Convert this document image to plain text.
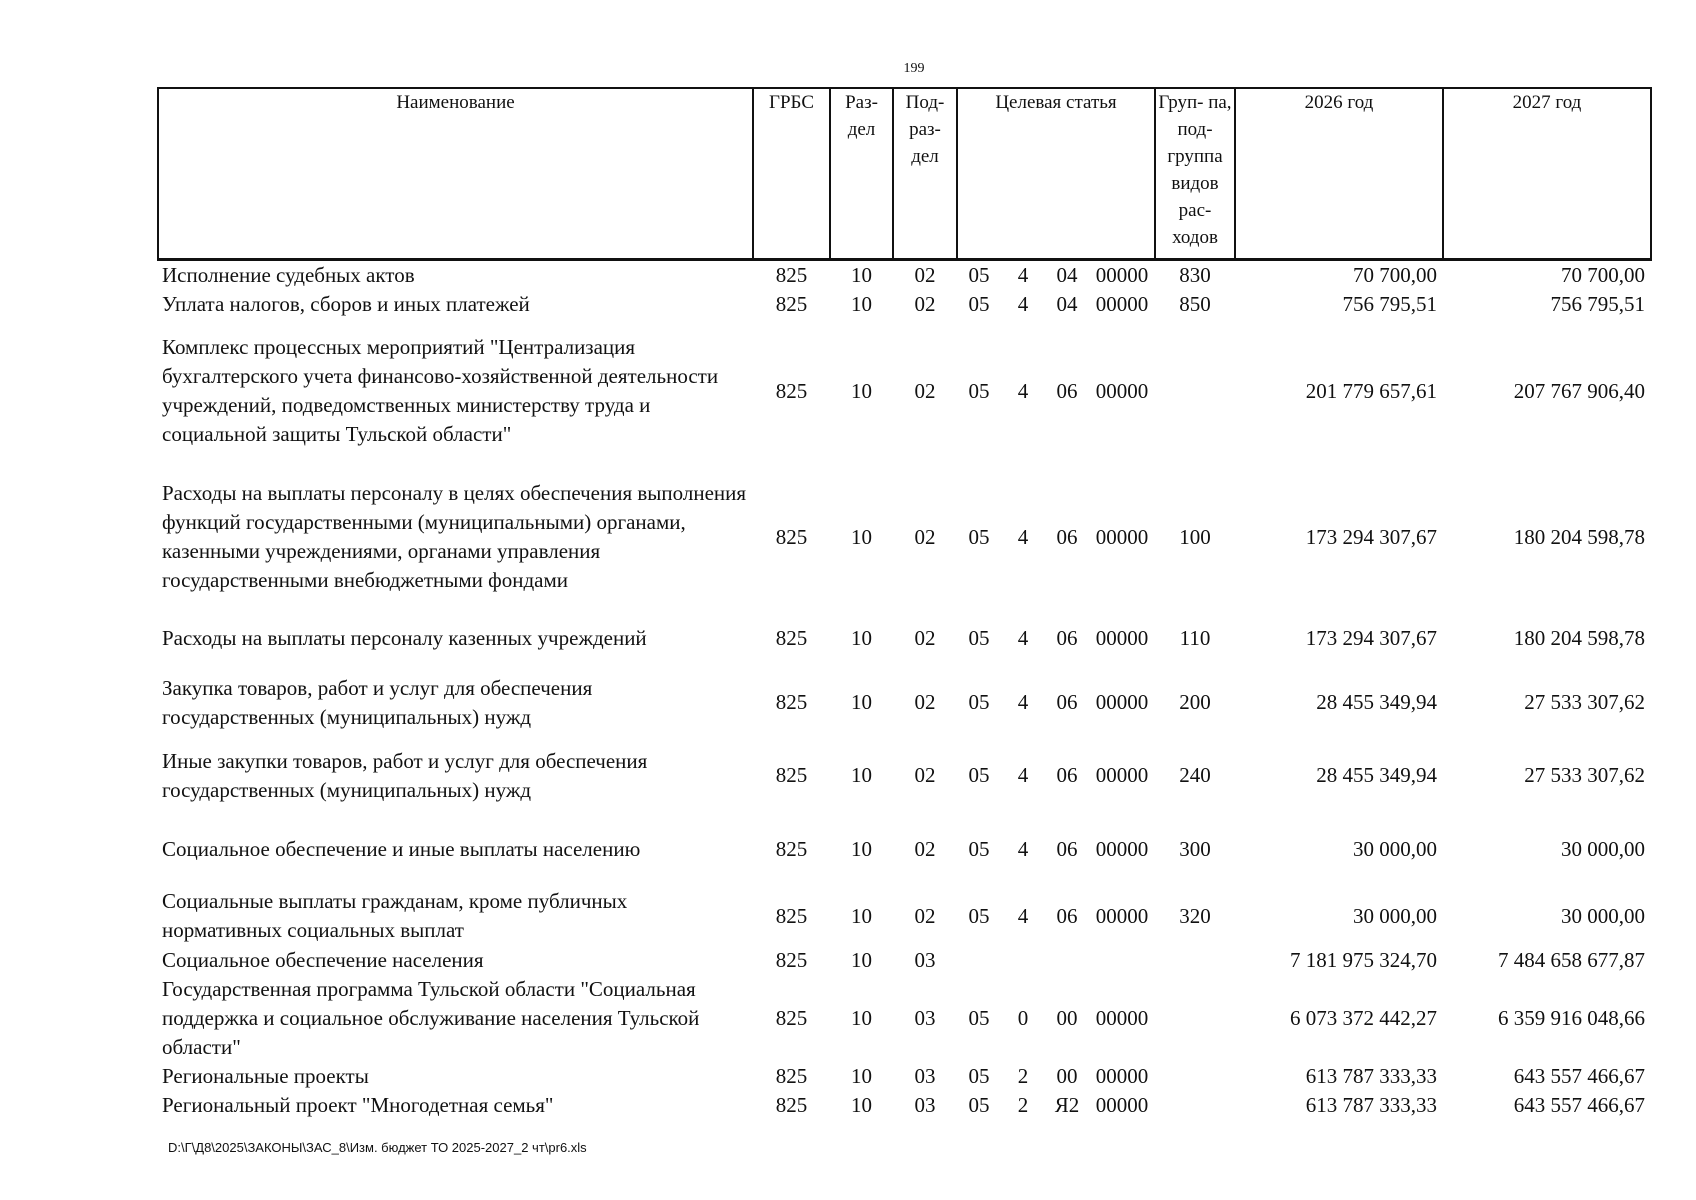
199
Наименование	ГРБС	Раз- дел	Под- раз- дел	Целевая статья				Груп- па, под- группа видов рас- ходов	2026 год	2027 год
Исполнение судебных актов	825	10	02	05	4	04	00000	830	70 700,00	70 700,00
Уплата налогов, сборов и иных платежей	825	10	02	05	4	04	00000	850	756 795,51	756 795,51
Комплекс процессных мероприятий "Централизация бухгалтерского учета финансово-хозяйственной деятельности учреждений, подведомственных министерству труда и социальной защиты Тульской области"	825	10	02	05	4	06	00000		201 779 657,61	207 767 906,40
Расходы на выплаты персоналу в целях обеспечения выполнения функций государственными (муниципальными) органами, казенными учреждениями, органами управления государственными внебюджетными фондами	825	10	02	05	4	06	00000	100	173 294 307,67	180 204 598,78
Расходы на выплаты персоналу казенных учреждений	825	10	02	05	4	06	00000	110	173 294 307,67	180 204 598,78
Закупка товаров, работ и услуг для обеспечения государственных (муниципальных) нужд	825	10	02	05	4	06	00000	200	28 455 349,94	27 533 307,62
Иные закупки товаров, работ и услуг для обеспечения государственных (муниципальных) нужд	825	10	02	05	4	06	00000	240	28 455 349,94	27 533 307,62
Социальное обеспечение и иные выплаты населению	825	10	02	05	4	06	00000	300	30 000,00	30 000,00
Социальные выплаты гражданам, кроме публичных нормативных социальных выплат	825	10	02	05	4	06	00000	320	30 000,00	30 000,00
Социальное обеспечение населения	825	10	03						7 181 975 324,70	7 484 658 677,87
Государственная программа Тульской области "Социальная поддержка и социальное обслуживание населения Тульской области"	825	10	03	05	0	00	00000		6 073 372 442,27	6 359 916 048,66
Региональные проекты	825	10	03	05	2	00	00000		613 787 333,33	643 557 466,67
Региональный проект "Многодетная семья"	825	10	03	05	2	Я2	00000		613 787 333,33	643 557 466,67
D:\Г\Д8\2025\ЗАКОНЫ\ЗАС_8\Изм. бюджет ТО 2025-2027_2 чт\pr6.xls
